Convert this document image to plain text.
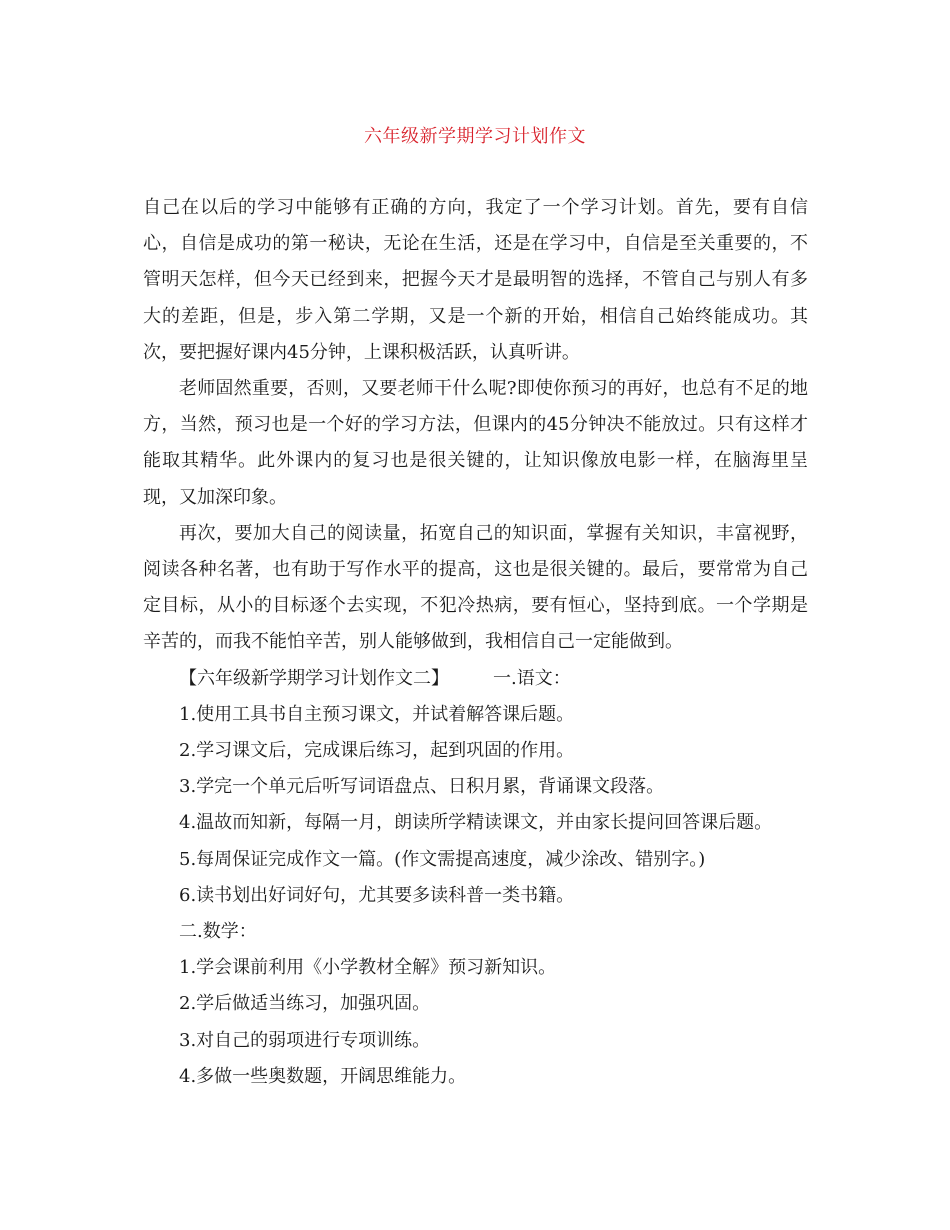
六年级新学期学习计划作文

自己在以后的学习中能够有正确的方向，我定了一个学习计划。首先，要有自信心，自信是成功的第一秘诀，无论在生活，还是在学习中，自信是至关重要的，不管明天怎样，但今天已经到来，把握今天才是最明智的选择，不管自己与别人有多大的差距，但是，步入第二学期，又是一个新的开始，相信自己始终能成功。其次，要把握好课内45分钟，上课积极活跃，认真听讲。

老师固然重要，否则，又要老师干什么呢?即使你预习的再好，也总有不足的地方，当然，预习也是一个好的学习方法，但课内的45分钟决不能放过。只有这样才能取其精华。此外课内的复习也是很关键的，让知识像放电影一样，在脑海里呈现，又加深印象。

再次，要加大自己的阅读量，拓宽自己的知识面，掌握有关知识，丰富视野，阅读各种名著，也有助于写作水平的提高，这也是很关键的。最后，要常常为自己定目标，从小的目标逐个去实现，不犯冷热病，要有恒心，坚持到底。一个学期是辛苦的，而我不能怕辛苦，别人能够做到，我相信自己一定能做到。

【六年级新学期学习计划作文二】 一.语文：

1.使用工具书自主预习课文，并试着解答课后题。

2.学习课文后，完成课后练习，起到巩固的作用。

3.学完一个单元后听写词语盘点、日积月累，背诵课文段落。

4.温故而知新，每隔一月，朗读所学精读课文，并由家长提问回答课后题。

5.每周保证完成作文一篇。(作文需提高速度，减少涂改、错别字。)

6.读书划出好词好句，尤其要多读科普一类书籍。

二.数学：

1.学会课前利用《小学教材全解》预习新知识。

2.学后做适当练习，加强巩固。

3.对自己的弱项进行专项训练。

4.多做一些奥数题，开阔思维能力。
